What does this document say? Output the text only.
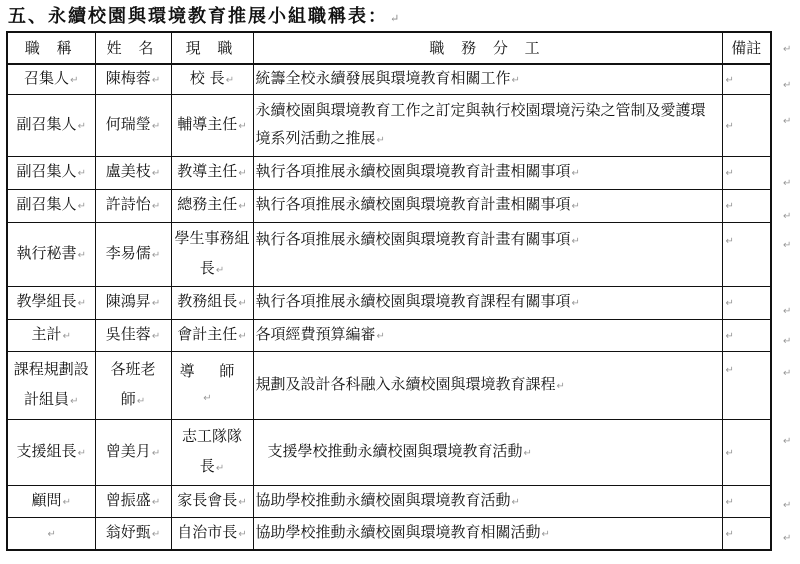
五、永續校園與環境教育推展小組職稱表： ↵
職 稱	姓 名	現 職	職 務 分 工	備註
召集人↵	陳梅蓉↵	校 長↵	統籌全校永續發展與環境教育相關工作↵	↵
副召集人↵	何瑞瑩↵	輔導主任↵	永續校園與環境教育工作之訂定與執行校園環境污染之管制及愛護環境系列活動之推展↵	↵
副召集人↵	盧美枝↵	教導主任↵	執行各項推展永續校園與環境教育計畫相關事項↵	↵
副召集人↵	許詩怡↵	總務主任↵	執行各項推展永續校園與環境教育計畫相關事項↵	↵
執行秘書↵	李易儒↵	學生事務組長↵	執行各項推展永續校園與環境教育計畫有關事項↵	↵
教學組長↵	陳鴻昇↵	教務組長↵	執行各項推展永續校園與環境教育課程有關事項↵	↵
主計↵	吳佳蓉↵	會計主任↵	各項經費預算編審↵	↵
課程規劃設計組員↵	各班老師↵	導 師↵	規劃及設計各科融入永續校園與環境教育課程↵	↵
支援組長↵	曾美月↵	志工隊隊長↵	支援學校推動永續校園與環境教育活動↵	↵
顧問↵	曾振盛↵	家長會長↵	協助學校推動永續校園與環境教育活動↵	↵
↵	翁妤甄↵	自治市長↵	協助學校推動永續校園與環境教育相關活動↵	↵
↵
↵
↵
↵
↵
↵
↵
↵
↵
↵
↵
↵
